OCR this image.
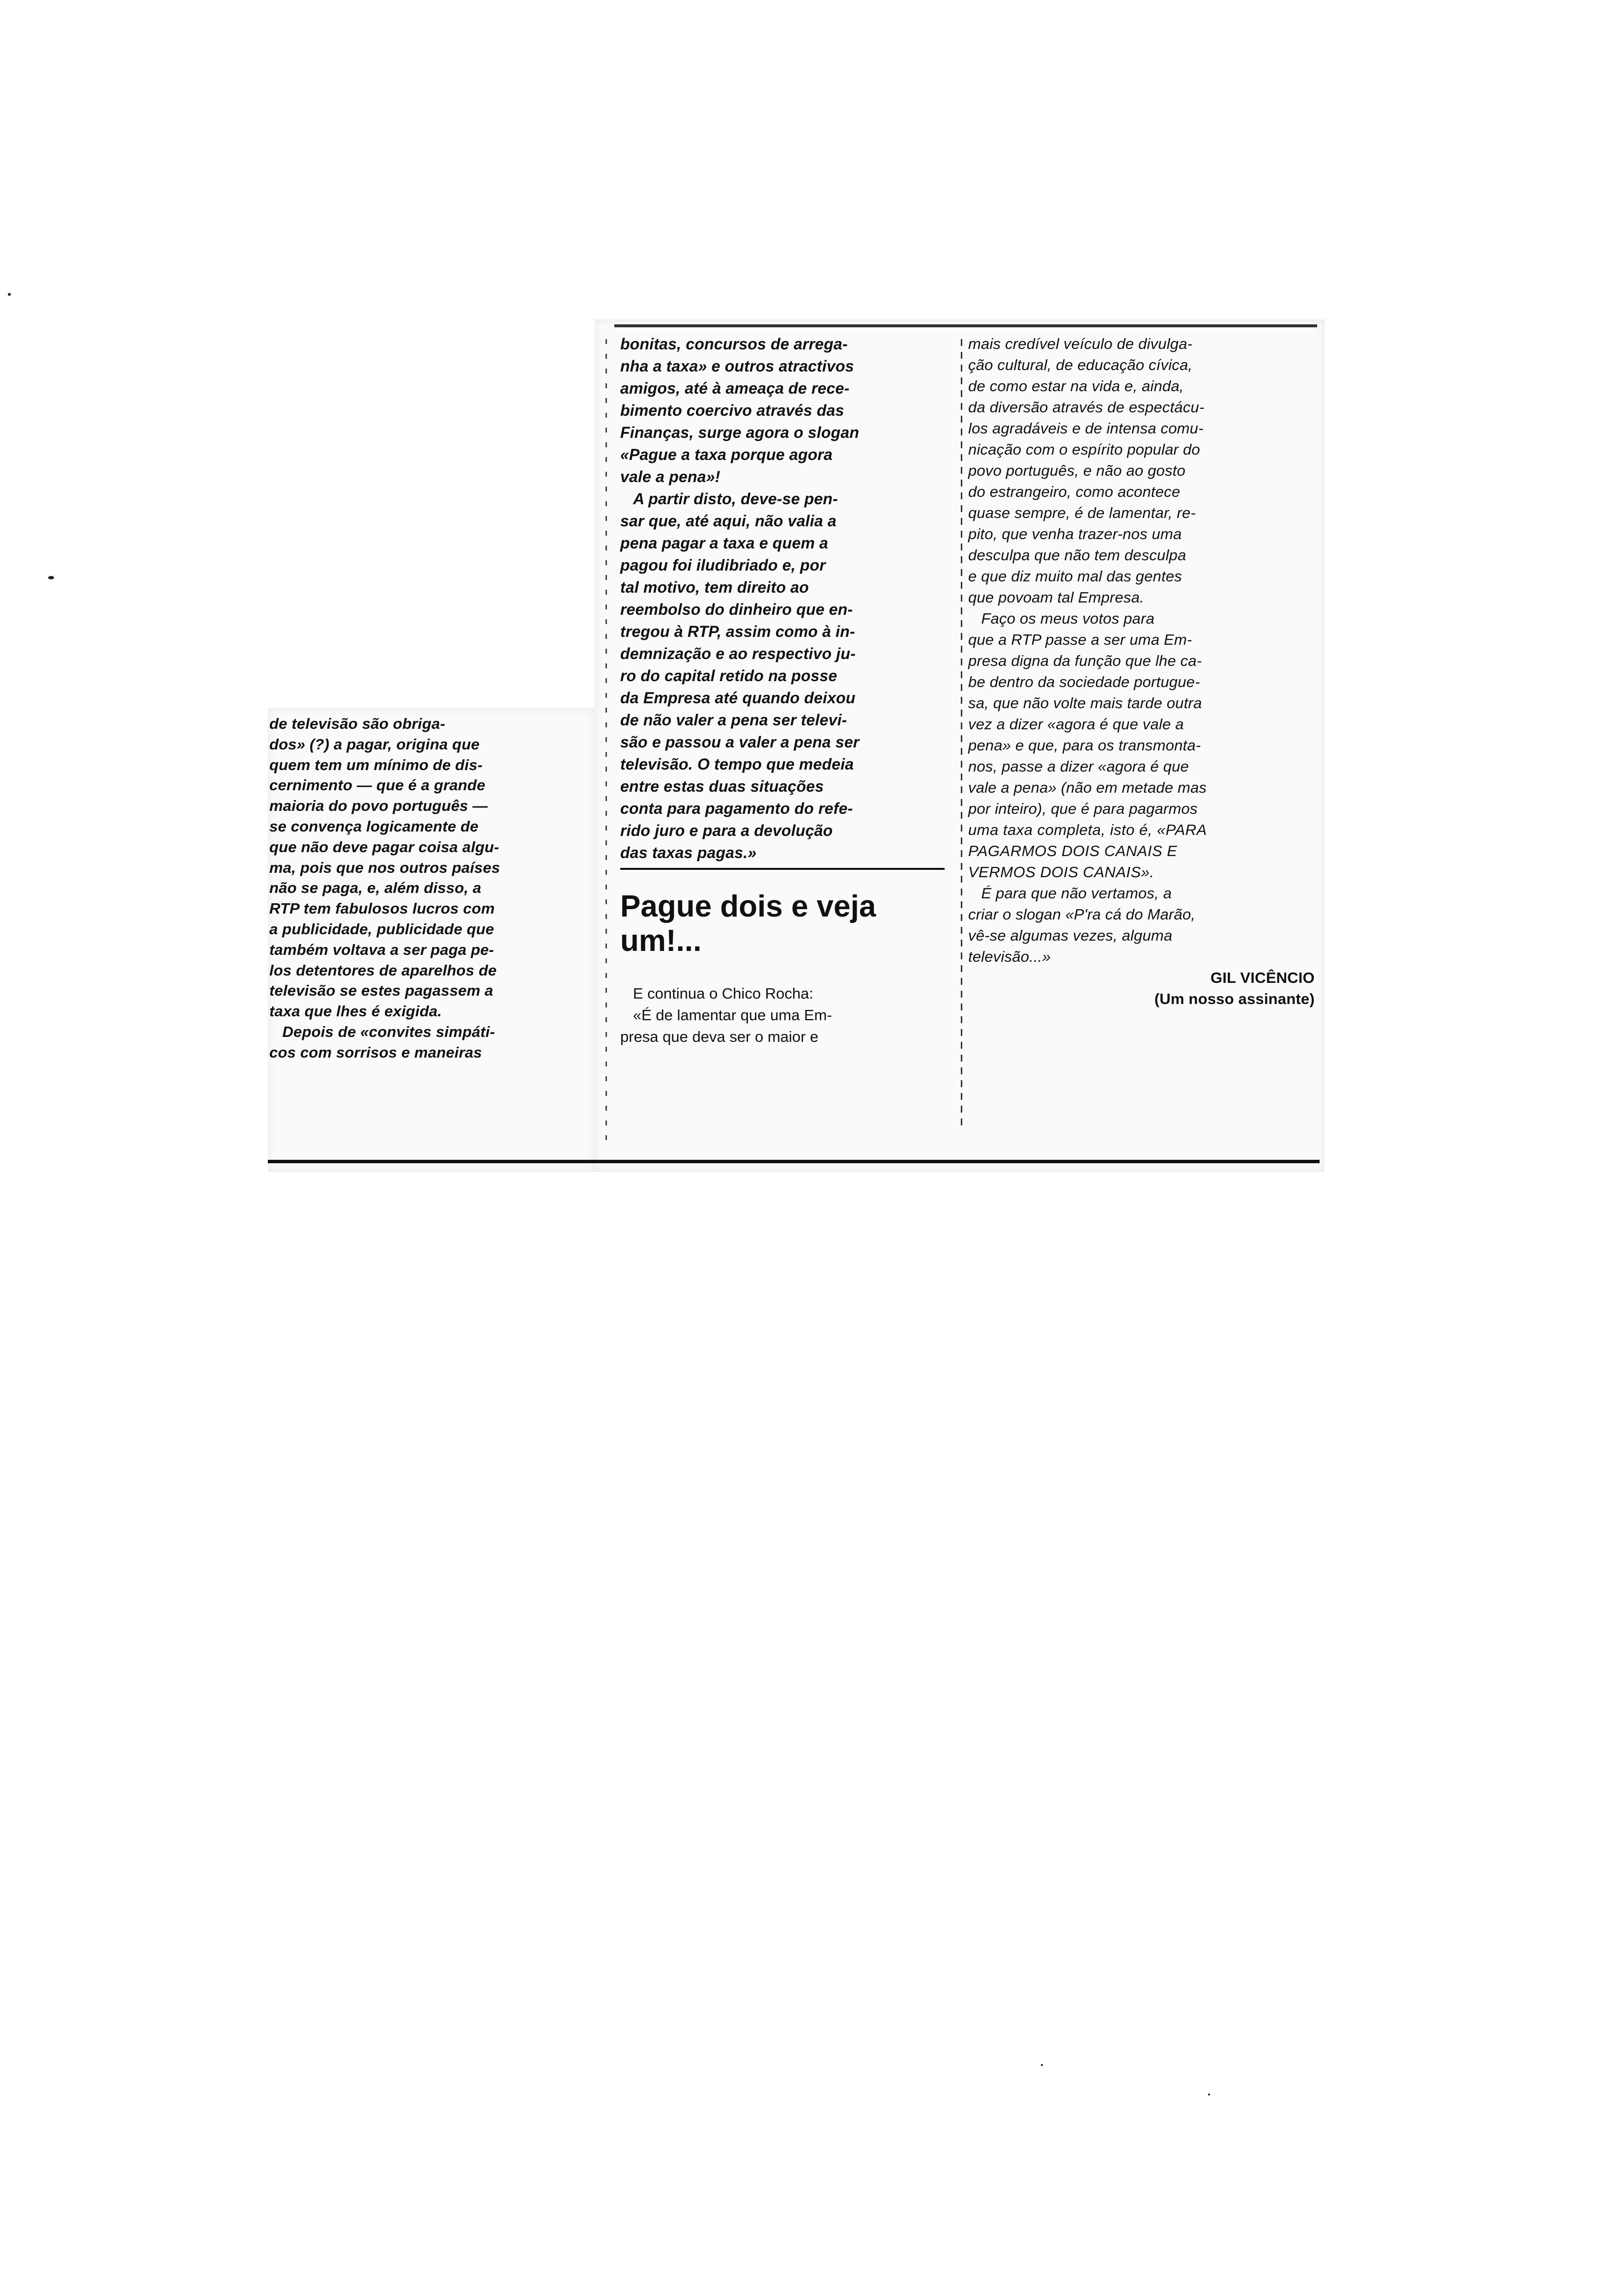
de televisão são obriga-

dos» (?) a pagar, origina que

quem tem um mínimo de dis-

cernimento — que é a grande

maioria do povo português —

se convença logicamente de

que não deve pagar coisa algu-

ma, pois que nos outros países

não se paga, e, além disso, a

RTP tem fabulosos lucros com

a publicidade, publicidade que

também voltava a ser paga pe-

los detentores de aparelhos de

televisão se estes pagassem a

taxa que lhes é exigida.

Depois de «convites simpáti-

cos com sorrisos e maneiras

bonitas, concursos de arrega-

nha a taxa» e outros atractivos

amigos, até à ameaça de rece-

bimento coercivo através das

Finanças, surge agora o slogan

«Pague a taxa porque agora

vale a pena»!

A partir disto, deve-se pen-

sar que, até aqui, não valia a

pena pagar a taxa e quem a

pagou foi iludibriado e, por

tal motivo, tem direito ao

reembolso do dinheiro que en-

tregou à RTP, assim como à in-

demnização e ao respectivo ju-

ro do capital retido na posse

da Empresa até quando deixou

de não valer a pena ser televi-

são e passou a valer a pena ser

televisão. O tempo que medeia

entre estas duas situações

conta para pagamento do refe-

rido juro e para a devolução

das taxas pagas.»

Pague dois e veja
um!...

E continua o Chico Rocha:

«É de lamentar que uma Em-

presa que deva ser o maior e

mais credível veículo de divulga-

ção cultural, de educação cívica,

de como estar na vida e, ainda,

da diversão através de espectácu-

los agradáveis e de intensa comu-

nicação com o espírito popular do

povo português, e não ao gosto

do estrangeiro, como acontece

quase sempre, é de lamentar, re-

pito, que venha trazer-nos uma

desculpa que não tem desculpa

e que diz muito mal das gentes

que povoam tal Empresa.

Faço os meus votos para

que a RTP passe a ser uma Em-

presa digna da função que lhe ca-

be dentro da sociedade portugue-

sa, que não volte mais tarde outra

vez a dizer «agora é que vale a

pena» e que, para os transmonta-

nos, passe a dizer «agora é que

vale a pena» (não em metade mas

por inteiro), que é para pagarmos

uma taxa completa, isto é, «PARA

PAGARMOS DOIS CANAIS E

VERMOS DOIS CANAIS».

É para que não vertamos, a

criar o slogan «P'ra cá do Marão,

vê-se algumas vezes, alguma

televisão...»

GIL VICÊNCIO

(Um nosso assinante)
